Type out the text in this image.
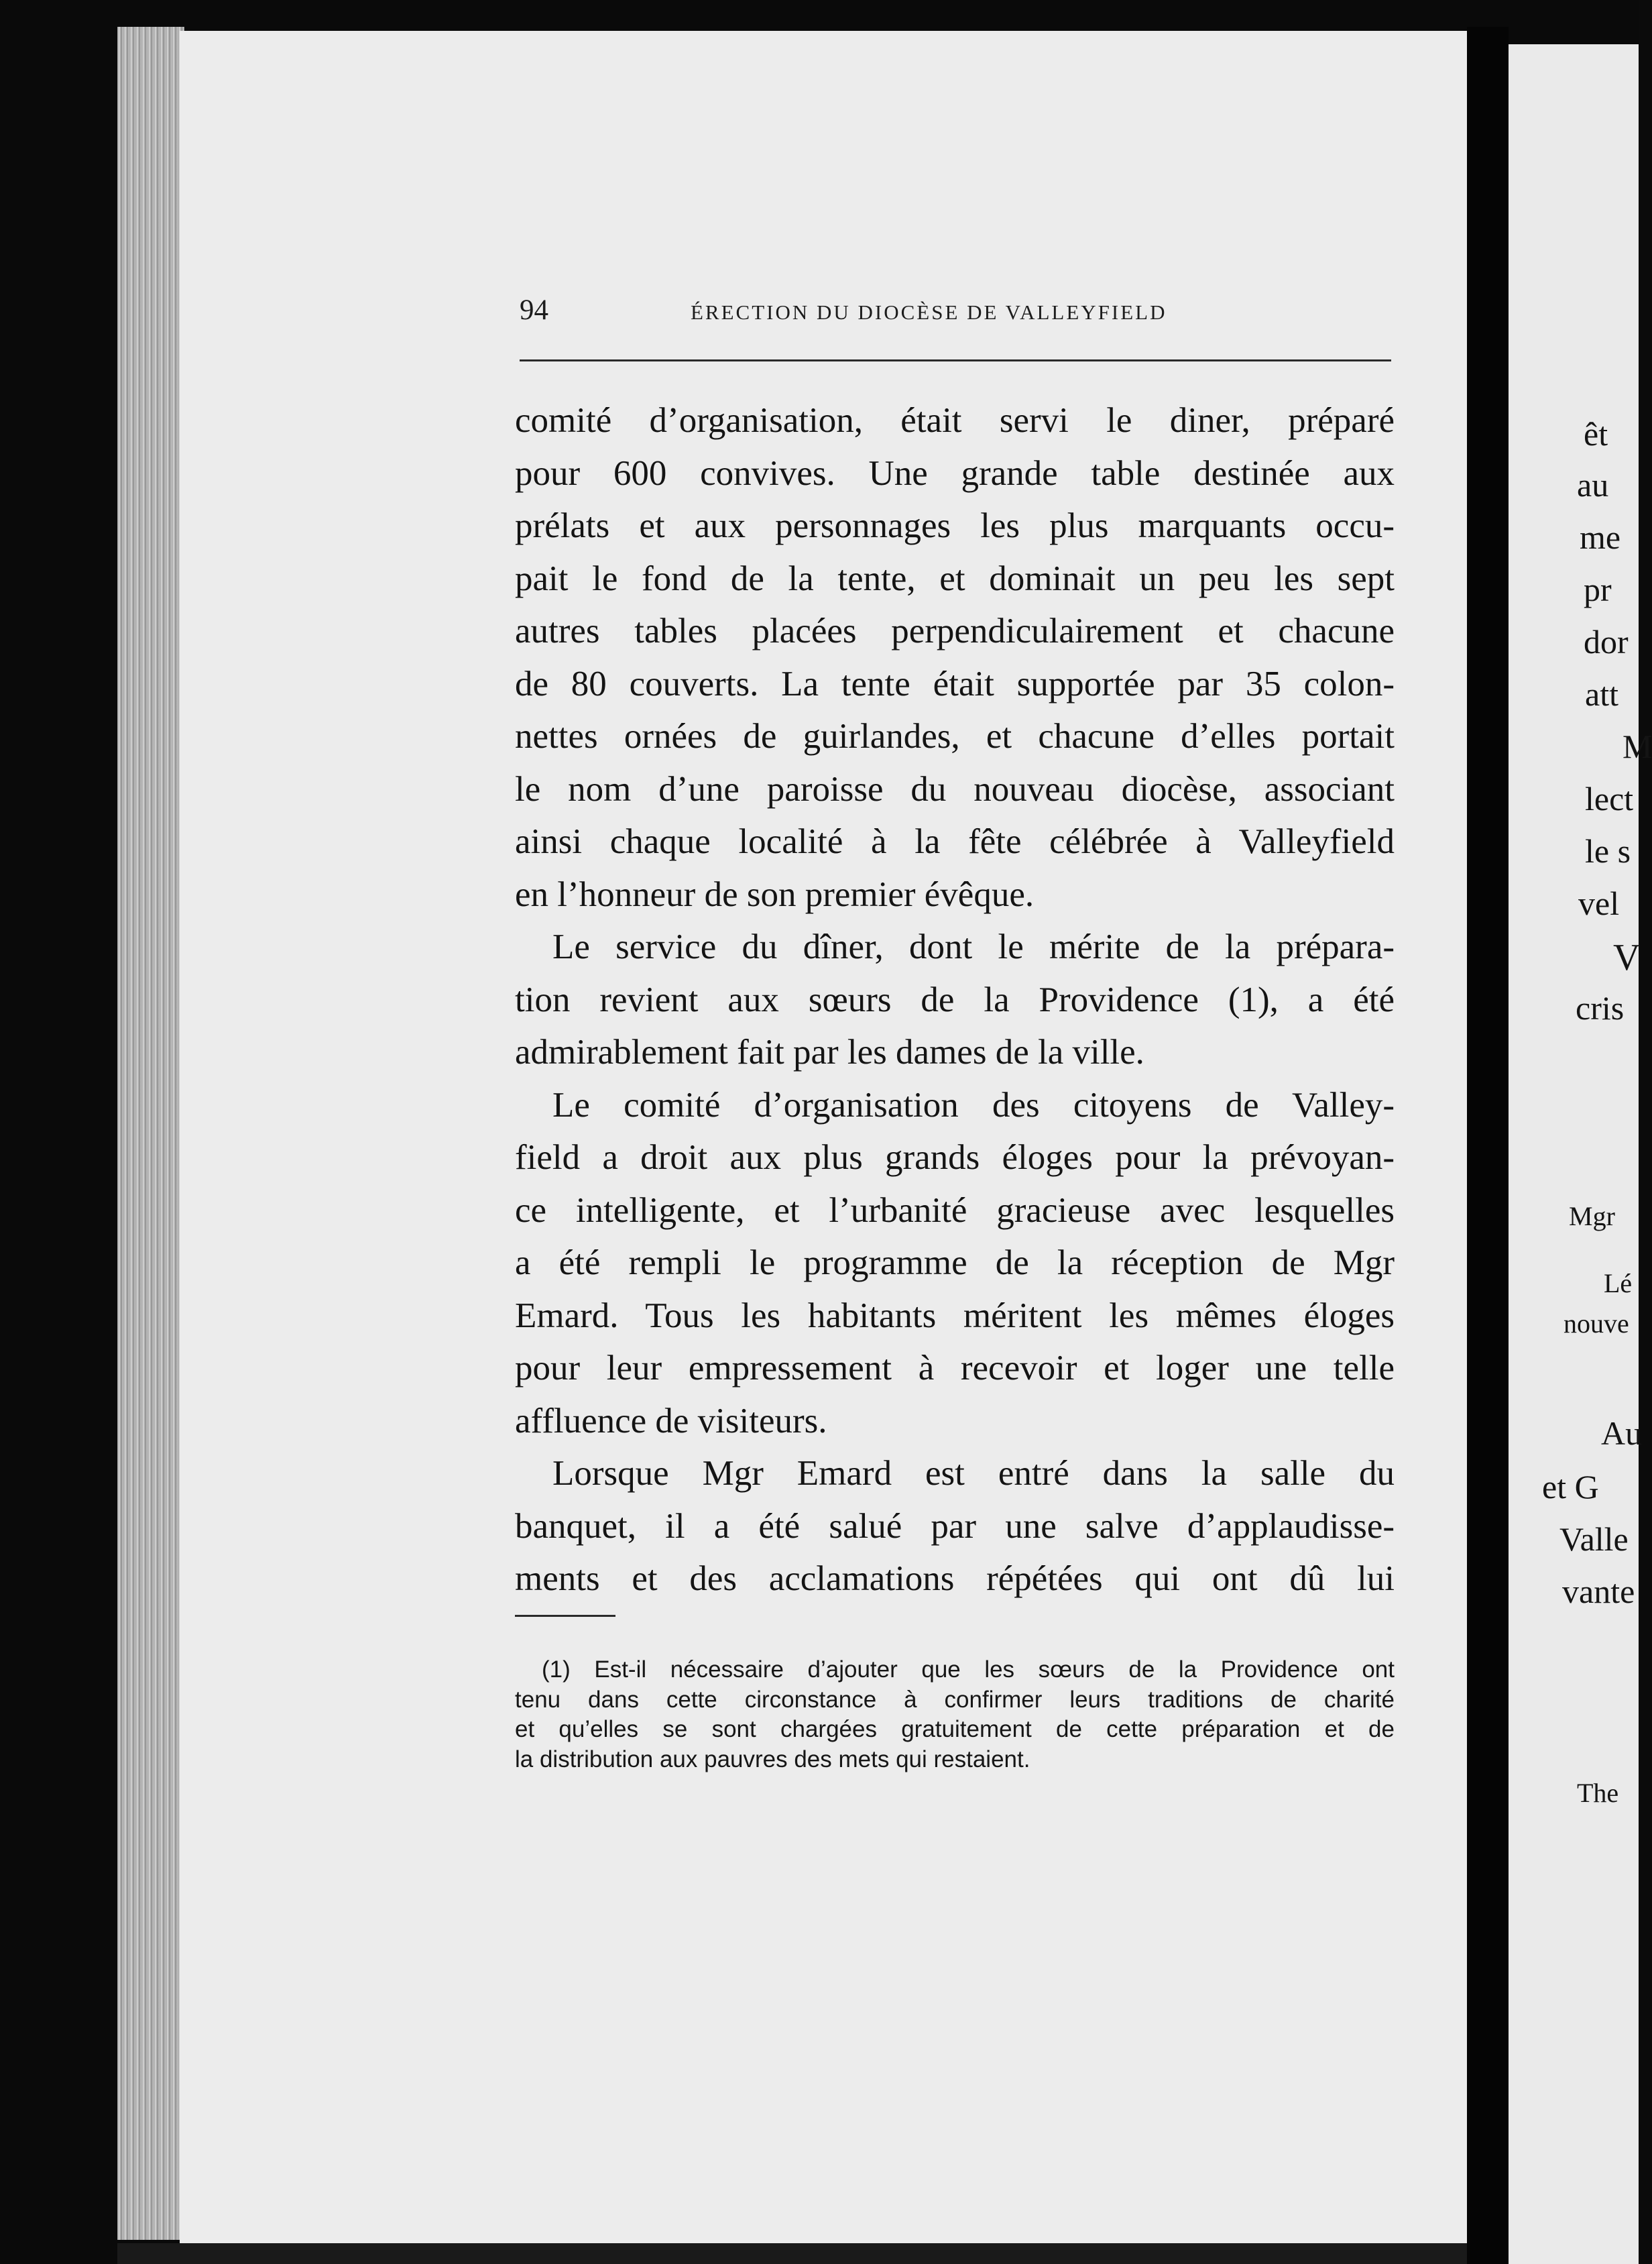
94	ÉRECTION DU DIOCÈSE DE VALLEYFIELD
comité d’organisation, était servi le diner, préparé
pour 600 convives. Une grande table destinée aux
prélats et aux personnages les plus marquants occu-
pait le fond de la tente, et dominait un peu les sept
autres tables placées perpendiculairement et chacune
de 80 couverts. La tente était supportée par 35 colon-
nettes ornées de guirlandes, et chacune d’elles portait
le nom d’une paroisse du nouveau diocèse, associant
ainsi chaque localité à la fête célébrée à Valleyfield
en l’honneur de son premier évêque.
Le service du dîner, dont le mérite de la prépara-
tion revient aux sœurs de la Providence (1), a été
admirablement fait par les dames de la ville.
Le comité d’organisation des citoyens de Valley-
field a droit aux plus grands éloges pour la prévoyan-
ce intelligente, et l’urbanité gracieuse avec lesquelles
a été rempli le programme de la réception de Mgr
Emard. Tous les habitants méritent les mêmes éloges
pour leur empressement à recevoir et loger une telle
affluence de visiteurs.
Lorsque Mgr Emard est entré dans la salle du
banquet, il a été salué par une salve d’applaudisse-
ments et des acclamations répétées qui ont dû lui
(1) Est-il nécessaire d’ajouter que les sœurs de la Providence ont
tenu dans cette circonstance à confirmer leurs traditions de charité
et qu’elles se sont chargées gratuitement de cette préparation et de
la distribution aux pauvres des mets qui restaient.
êt
au
me
pr
dor
att
M
lect
le s
vel
V
cris
Mgr
Lé
nouve
Au
et G
Valle
vante
The
